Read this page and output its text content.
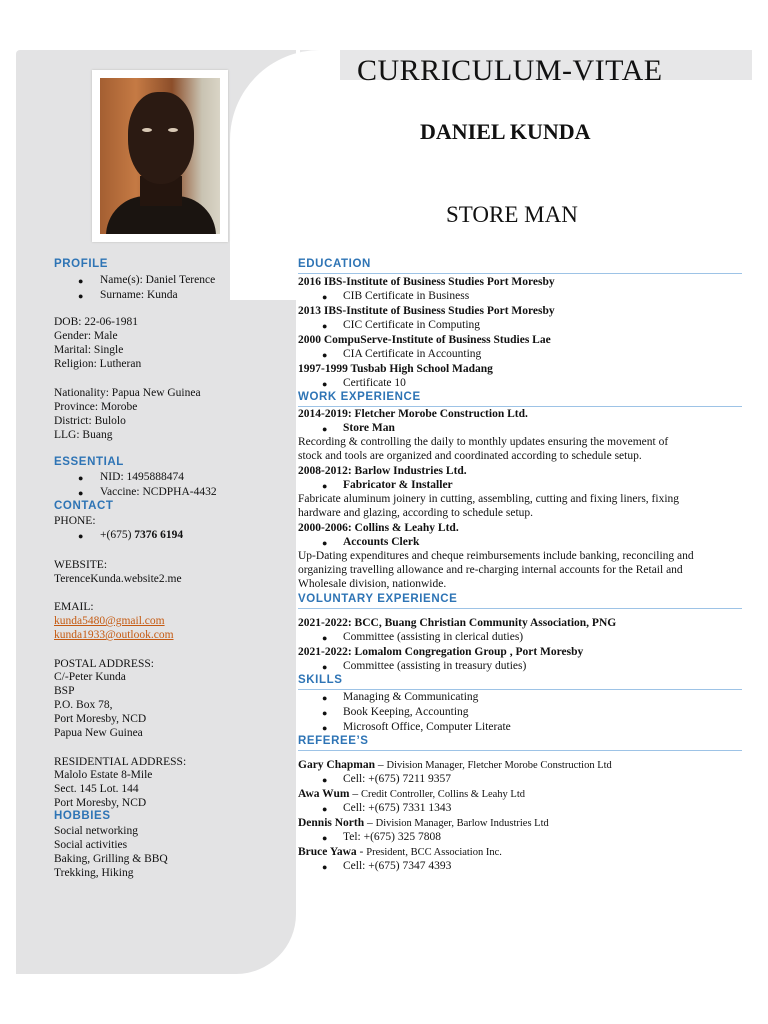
CURRICULUM-VITAE
DANIEL KUNDA
STORE MAN
PROFILE
● Name(s): Daniel Terence
● Surname: Kunda
DOB: 22-06-1981
Gender: Male
Marital: Single
Religion: Lutheran
Nationality: Papua New Guinea
Province: Morobe
District: Bulolo
LLG: Buang
ESSENTIAL
● NID: 1495888474
● Vaccine: NCDPHA-4432
CONTACT
PHONE:
● +(675) 7376 6194
WEBSITE:
TerenceKunda.website2.me
EMAIL:
kunda5480@gmail.com
kunda1933@outlook.com
POSTAL ADDRESS:
C/-Peter Kunda
BSP
P.O. Box 78,
Port Moresby, NCD
Papua New Guinea
RESIDENTIAL ADDRESS:
Malolo Estate 8-Mile
Sect. 145 Lot. 144
Port Moresby, NCD
HOBBIES
Social networking
Social activities
Baking, Grilling & BBQ
Trekking, Hiking
EDUCATION
2016 IBS-Institute of Business Studies Port Moresby
● CIB Certificate in Business
2013 IBS-Institute of Business Studies Port Moresby
● CIC Certificate in Computing
2000 CompuServe-Institute of Business Studies Lae
● CIA Certificate in Accounting
1997-1999 Tusbab High School Madang
● Certificate 10
WORK EXPERIENCE
2014-2019: Fletcher Morobe Construction Ltd.
● Store Man
Recording & controlling the daily to monthly updates ensuring the movement of
stock and tools are organized and coordinated according to schedule setup.
2008-2012: Barlow Industries Ltd.
● Fabricator & Installer
Fabricate aluminum joinery in cutting, assembling, cutting and fixing liners, fixing
hardware and glazing, according to schedule setup.
2000-2006: Collins & Leahy Ltd.
● Accounts Clerk
Up-Dating expenditures and cheque reimbursements include banking, reconciling and
organizing travelling allowance and re-charging internal accounts for the Retail and
Wholesale division, nationwide.
VOLUNTARY EXPERIENCE
2021-2022: BCC, Buang Christian Community Association, PNG
● Committee (assisting in clerical duties)
2021-2022: Lomalom Congregation Group , Port Moresby
● Committee (assisting in treasury duties)
SKILLS
● Managing & Communicating
● Book Keeping, Accounting
● Microsoft Office, Computer Literate
REFEREE’S
Gary Chapman – Division Manager, Fletcher Morobe Construction Ltd
● Cell: +(675) 7211 9357
Awa Wum – Credit Controller, Collins & Leahy Ltd
● Cell: +(675) 7331 1343
Dennis North – Division Manager, Barlow Industries Ltd
● Tel: +(675) 325 7808
Bruce Yawa - President, BCC Association Inc.
● Cell: +(675) 7347 4393
